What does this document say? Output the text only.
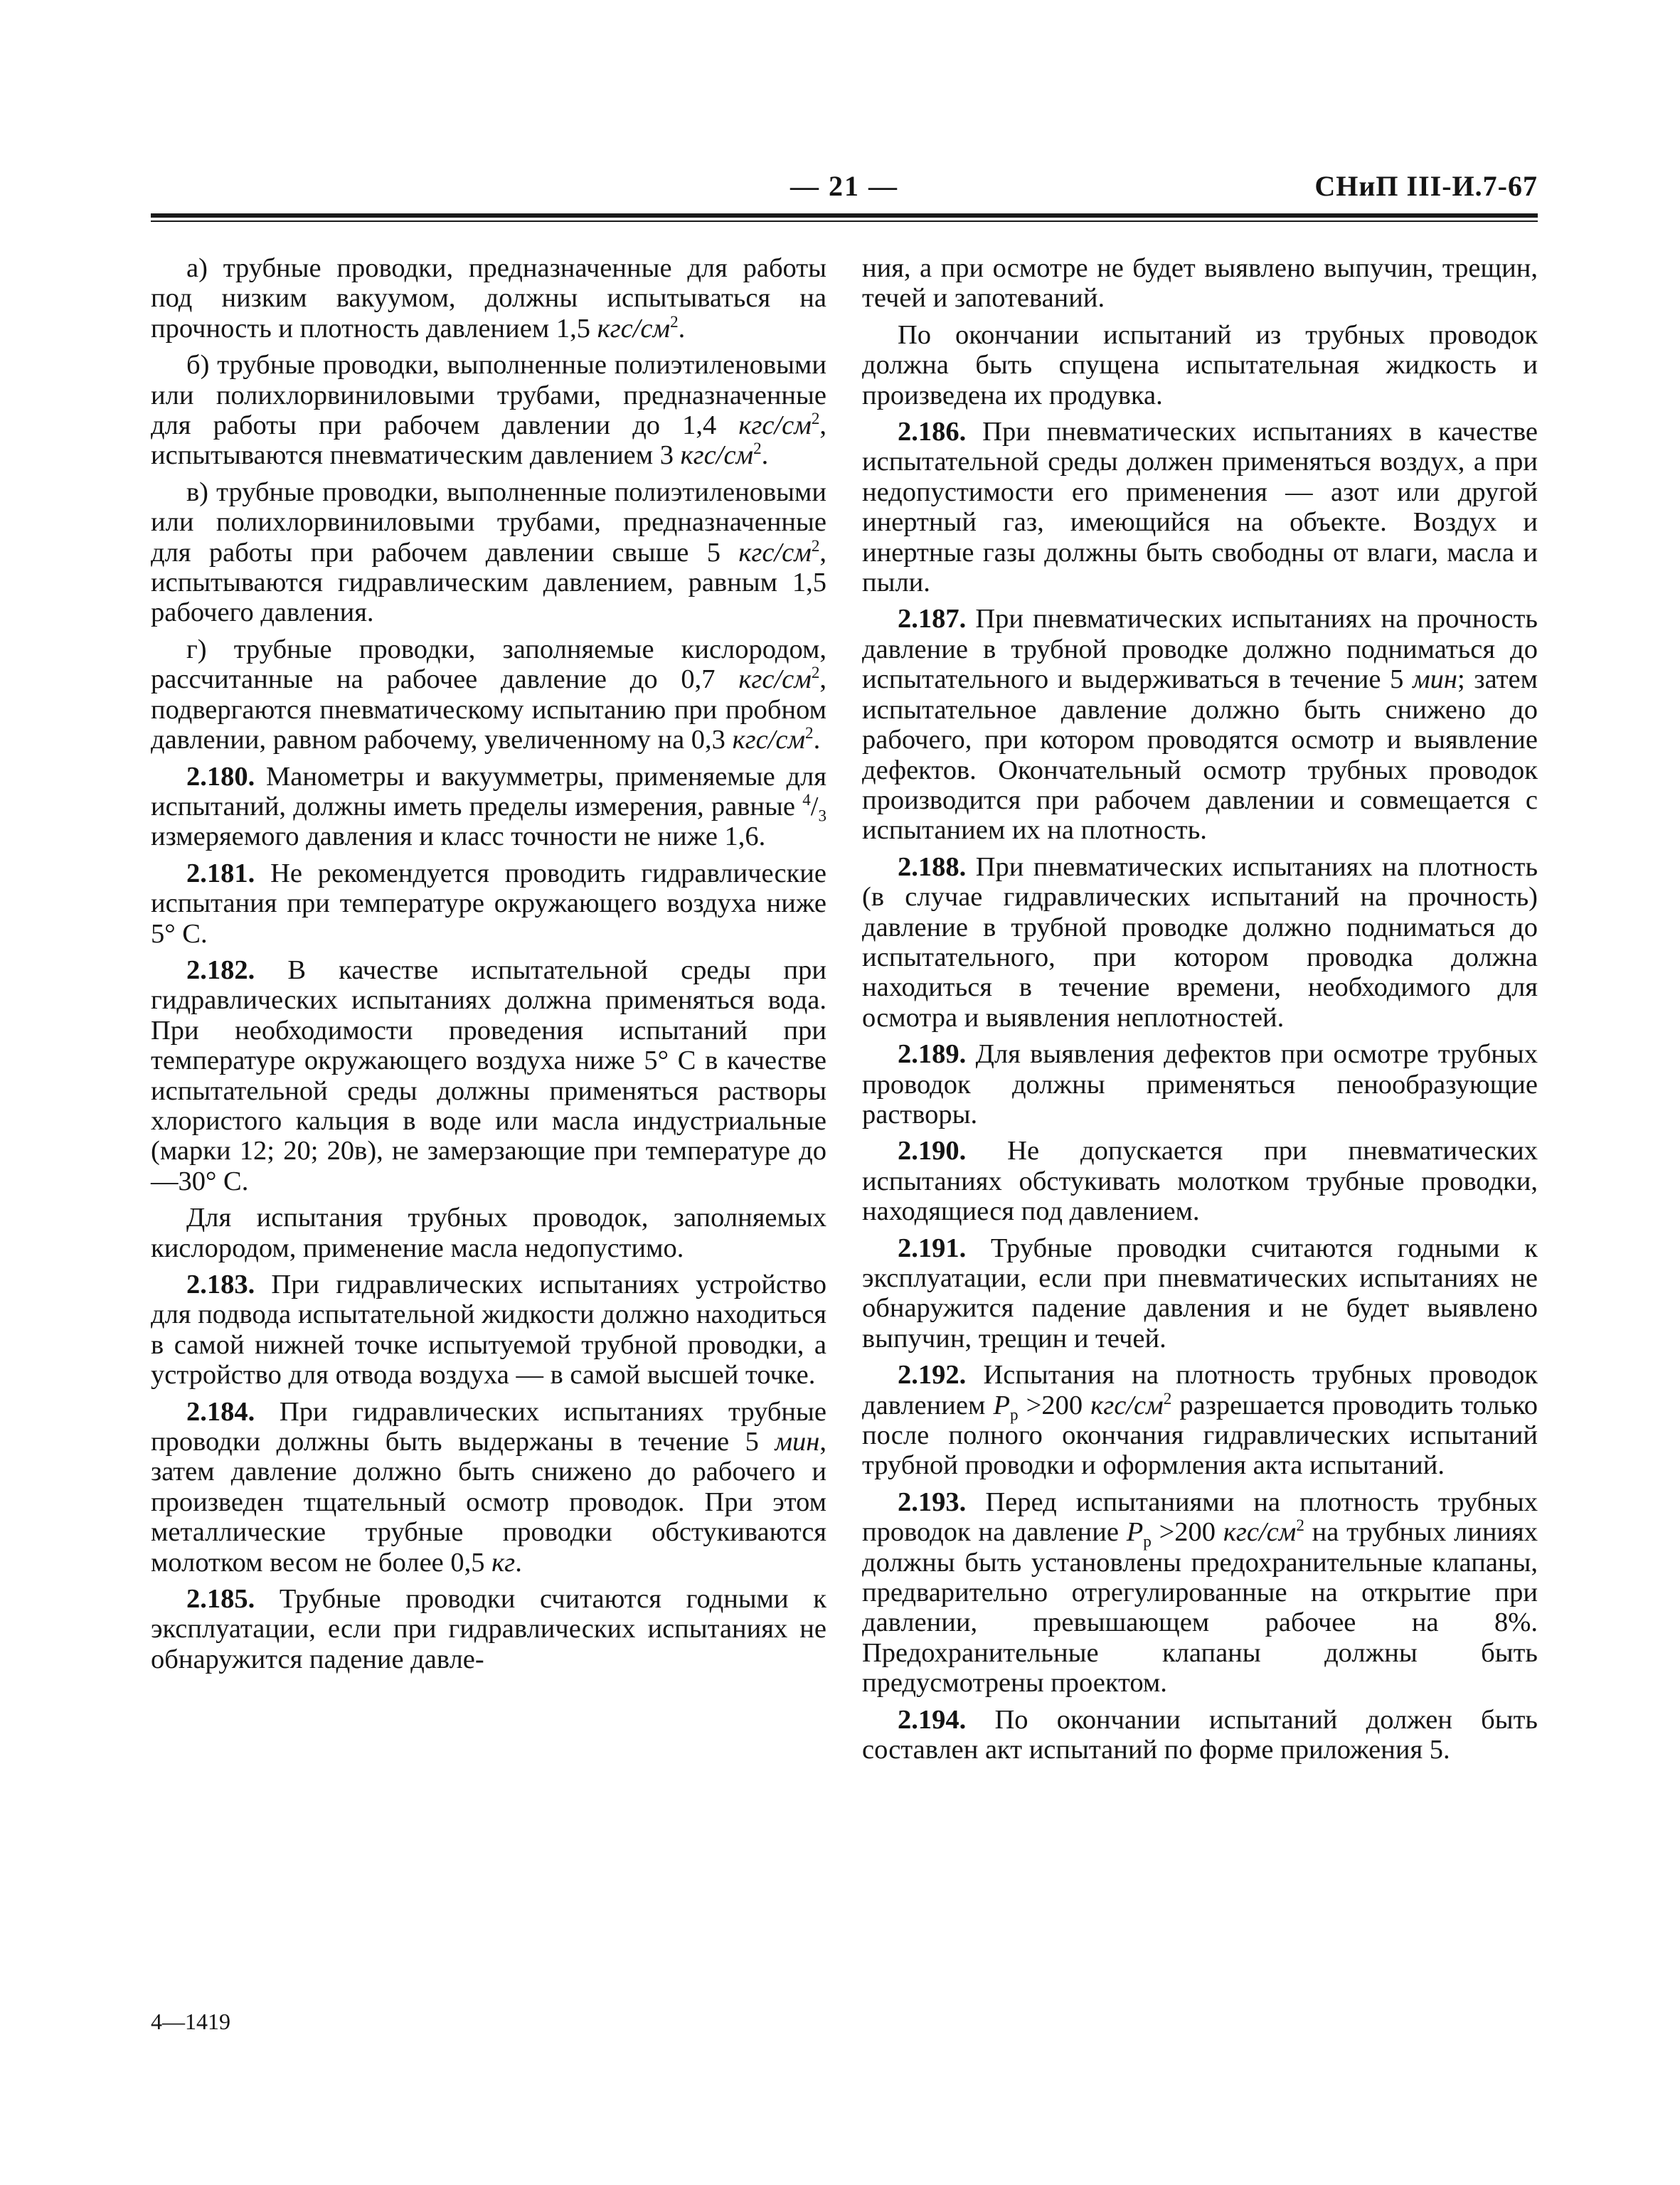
— 21 —	СНиП III-И.7-67

а) трубные проводки, предназначенные для работы под низким вакуумом, должны испытываться на прочность и плотность давлением 1,5 кгс/$см^2$.

б) трубные проводки, выполненные полиэтиленовыми или полихлорвиниловыми трубами, предназначенные для работы при рабочем давлении до 1,4 кгс/$см^2$, испытываются пневматическим давлением 3 кгс/$см^2$.

в) трубные проводки, выполненные полиэтиленовыми или полихлорвиниловыми трубами, предназначенные для работы при рабочем давлении свыше 5 кгс/$см^2$, испытываются гидравлическим давлением, равным 1,5 рабочего давления.

г) трубные проводки, заполняемые кислородом, рассчитанные на рабочее давление до 0,7 кгс/$см^2$, подвергаются пневматическому испытанию при пробном давлении, равном рабочему, увеличенному на 0,3 кгс/$см^2$.

2.180. Манометры и вакуумметры, применяемые для испытаний, должны иметь пределы измерения, равные $^4/_3$ измеряемого давления и класс точности не ниже 1,6.

2.181. Не рекомендуется проводить гидравлические испытания при температуре окружающего воздуха ниже 5° С.

2.182. В качестве испытательной среды при гидравлических испытаниях должна применяться вода. При необходимости проведения испытаний при температуре окружающего воздуха ниже 5° С в качестве испытательной среды должны применяться растворы хлористого кальция в воде или масла индустриальные (марки 12; 20; 20в), не замерзающие при температуре до —30° С.

Для испытания трубных проводок, заполняемых кислородом, применение масла недопустимо.

2.183. При гидравлических испытаниях устройство для подвода испытательной жидкости должно находиться в самой нижней точке испытуемой трубной проводки, а устройство для отвода воздуха — в самой высшей точке.

2.184. При гидравлических испытаниях трубные проводки должны быть выдержаны в течение 5 мин, затем давление должно быть снижено до рабочего и произведен тщательный осмотр проводок. При этом металлические трубные проводки обстукиваются молотком весом не более 0,5 кг.

2.185. Трубные проводки считаются годными к эксплуатации, если при гидравлических испытаниях не обнаружится падение давле-

ния, а при осмотре не будет выявлено выпучин, трещин, течей и запотеваний.

По окончании испытаний из трубных проводок должна быть спущена испытательная жидкость и произведена их продувка.

2.186. При пневматических испытаниях в качестве испытательной среды должен применяться воздух, а при недопустимости его применения — азот или другой инертный газ, имеющийся на объекте. Воздух и инертные газы должны быть свободны от влаги, масла и пыли.

2.187. При пневматических испытаниях на прочность давление в трубной проводке должно подниматься до испытательного и выдерживаться в течение 5 мин; затем испытательное давление должно быть снижено до рабочего, при котором проводятся осмотр и выявление дефектов. Окончательный осмотр трубных проводок производится при рабочем давлении и совмещается с испытанием их на плотность.

2.188. При пневматических испытаниях на плотность (в случае гидравлических испытаний на прочность) давление в трубной проводке должно подниматься до испытательного, при котором проводка должна находиться в течение времени, необходимого для осмотра и выявления неплотностей.

2.189. Для выявления дефектов при осмотре трубных проводок должны применяться пенообразующие растворы.

2.190. Не допускается при пневматических испытаниях обстукивать молотком трубные проводки, находящиеся под давлением.

2.191. Трубные проводки считаются годными к эксплуатации, если при пневматических испытаниях не обнаружится падение давления и не будет выявлено выпучин, трещин и течей.

2.192. Испытания на плотность трубных проводок давлением $P_р >200$ кгс/$см^2$ разрешается проводить только после полного окончания гидравлических испытаний трубной проводки и оформления акта испытаний.

2.193. Перед испытаниями на плотность трубных проводок на давление $P_р >200$ кгс/$см^2$ на трубных линиях должны быть установлены предохранительные клапаны, предварительно отрегулированные на открытие при давлении, превышающем рабочее на 8%. Предохранительные клапаны должны быть предусмотрены проектом.

2.194. По окончании испытаний должен быть составлен акт испытаний по форме приложения 5.

4—1419
